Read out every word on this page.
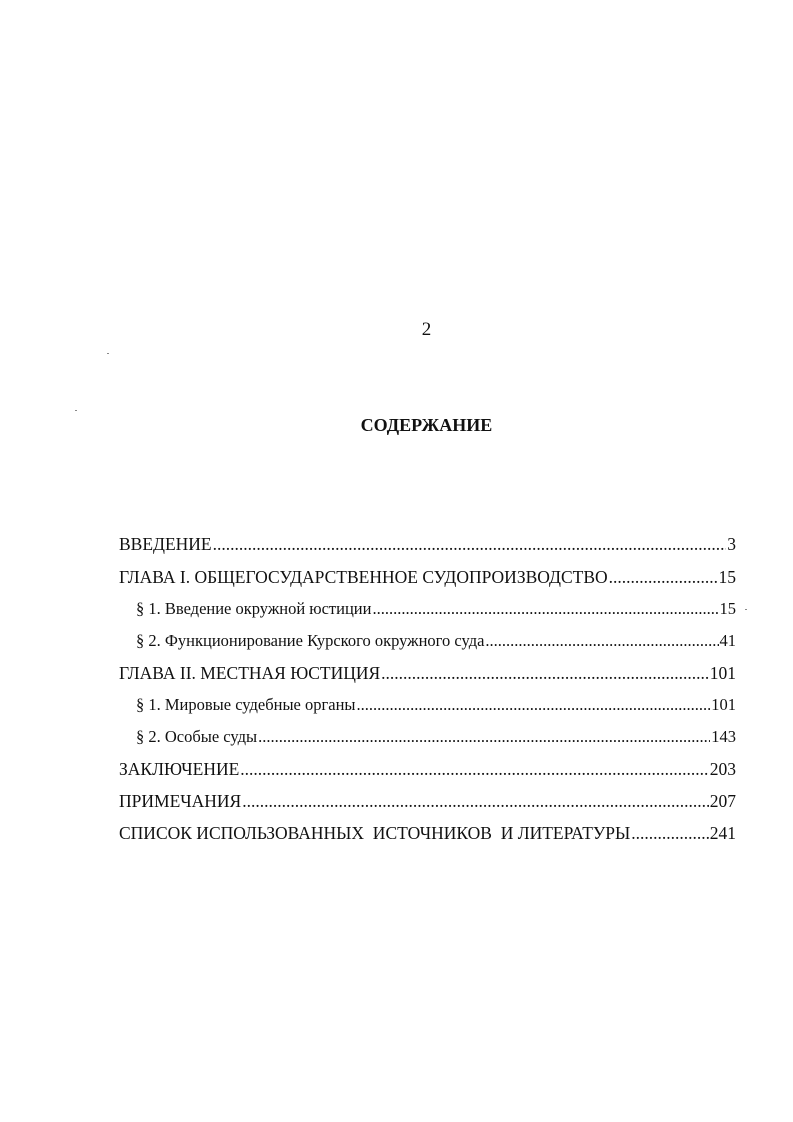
2
СОДЕРЖАНИЕ
ВВЕДЕНИЕ .....	3
ГЛАВА I. ОБЩЕГОСУДАРСТВЕННОЕ СУДОПРОИЗВОДСТВО .....	15
§ 1. Введение окружной юстиции .....	15
§ 2. Функционирование Курского окружного суда .....	41
ГЛАВА II. МЕСТНАЯ ЮСТИЦИЯ .....	101
§ 1. Мировые судебные органы .....	101
§ 2. Особые суды .....	143
ЗАКЛЮЧЕНИЕ .....	203
ПРИМЕЧАНИЯ .....	207
СПИСОК ИСПОЛЬЗОВАННЫХ  ИСТОЧНИКОВ  И ЛИТЕРАТУРЫ .....	241
